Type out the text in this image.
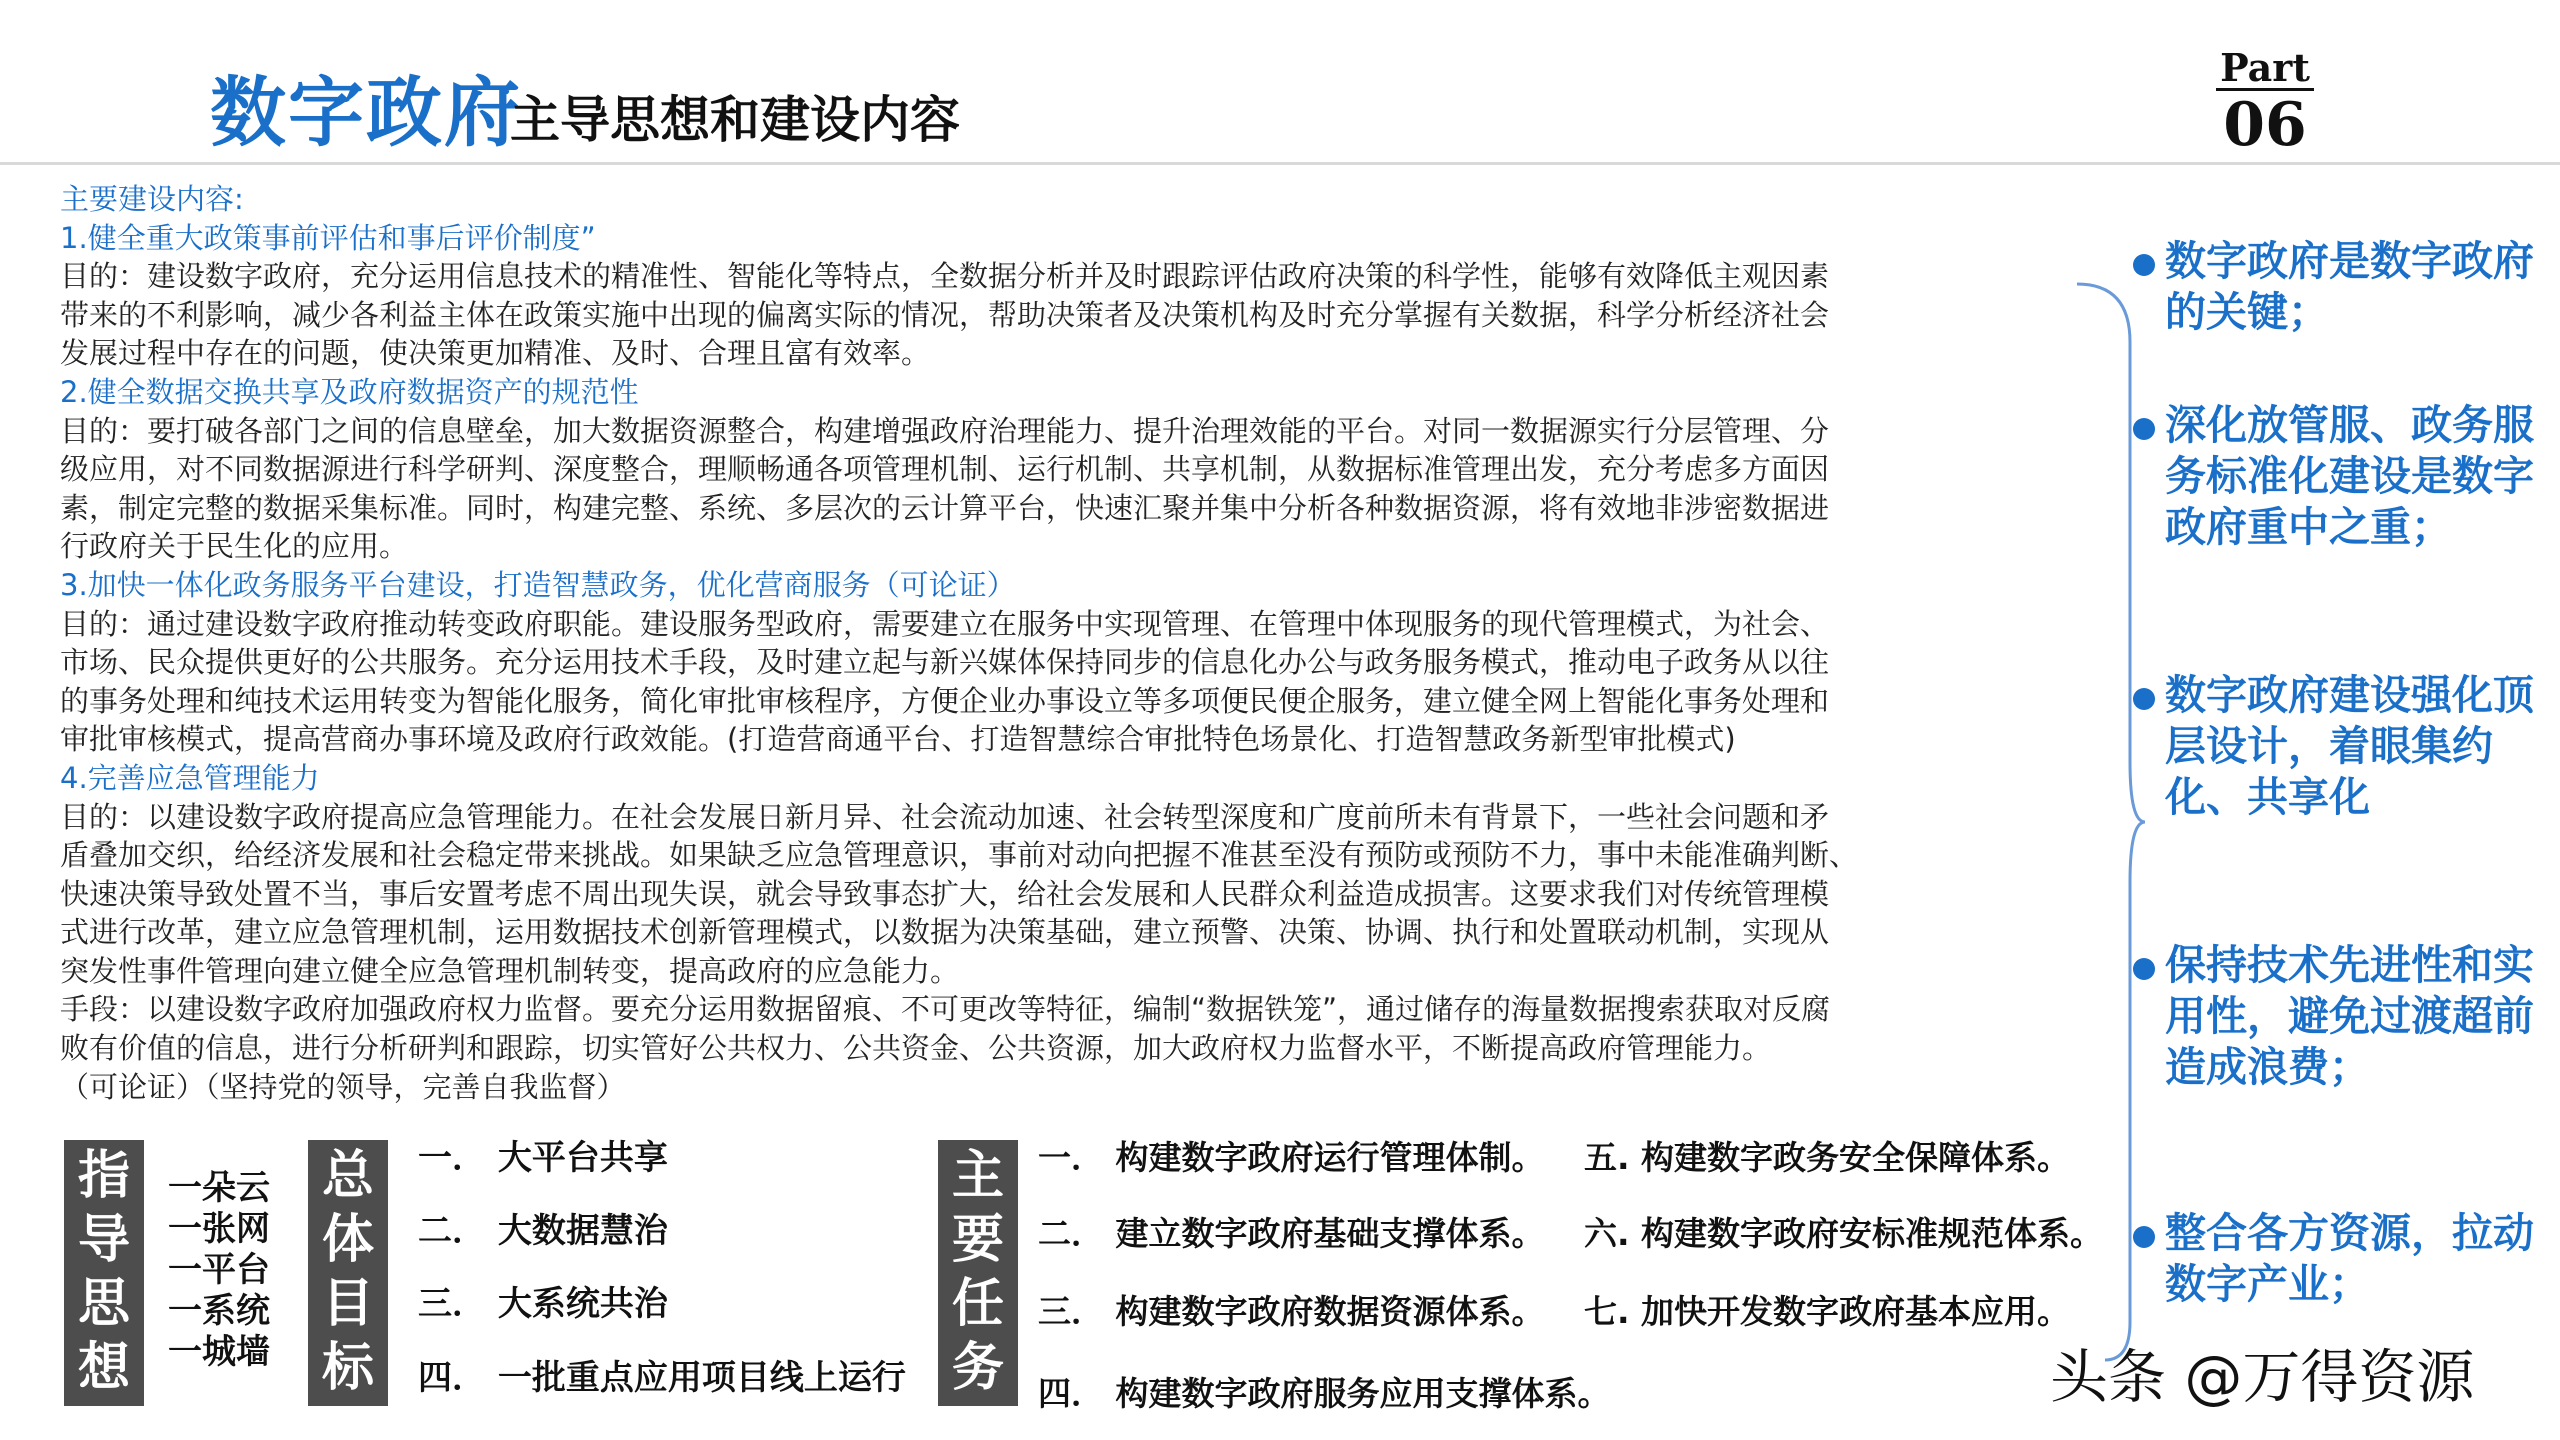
数字政府
主导思想和建设内容
Part
06
主要建设内容:
1.健全重大政策事前评估和事后评价制度”
目的：建设数字政府，充分运用信息技术的精准性、智能化等特点，全数据分析并及时跟踪评估政府决策的科学性，能够有效降低主观因素
带来的不利影响，减少各利益主体在政策实施中出现的偏离实际的情况，帮助决策者及决策机构及时充分掌握有关数据，科学分析经济社会
发展过程中存在的问题，使决策更加精准、及时、合理且富有效率。
2.健全数据交换共享及政府数据资产的规范性
目的：要打破各部门之间的信息壁垒，加大数据资源整合，构建增强政府治理能力、提升治理效能的平台。对同一数据源实行分层管理、分
级应用，对不同数据源进行科学研判、深度整合，理顺畅通各项管理机制、运行机制、共享机制，从数据标准管理出发，充分考虑多方面因
素，制定完整的数据采集标准。同时，构建完整、系统、多层次的云计算平台，快速汇聚并集中分析各种数据资源，将有效地非涉密数据进
行政府关于民生化的应用。
3.加快一体化政务服务平台建设，打造智慧政务，优化营商服务（可论证）
目的：通过建设数字政府推动转变政府职能。建设服务型政府，需要建立在服务中实现管理、在管理中体现服务的现代管理模式，为社会、
市场、民众提供更好的公共服务。充分运用技术手段，及时建立起与新兴媒体保持同步的信息化办公与政务服务模式，推动电子政务从以往
的事务处理和纯技术运用转变为智能化服务，简化审批审核程序，方便企业办事设立等多项便民便企服务，建立健全网上智能化事务处理和
审批审核模式，提高营商办事环境及政府行政效能。(打造营商通平台、打造智慧综合审批特色场景化、打造智慧政务新型审批模式)
4.完善应急管理能力
目的：以建设数字政府提高应急管理能力。在社会发展日新月异、社会流动加速、社会转型深度和广度前所未有背景下，一些社会问题和矛
盾叠加交织，给经济发展和社会稳定带来挑战。如果缺乏应急管理意识，事前对动向把握不准甚至没有预防或预防不力，事中未能准确判断、
快速决策导致处置不当，事后安置考虑不周出现失误，就会导致事态扩大，给社会发展和人民群众利益造成损害。这要求我们对传统管理模
式进行改革，建立应急管理机制，运用数据技术创新管理模式，以数据为决策基础，建立预警、决策、协调、执行和处置联动机制，实现从
突发性事件管理向建立健全应急管理机制转变，提高政府的应急能力。
手段：以建设数字政府加强政府权力监督。要充分运用数据留痕、不可更改等特征，编制“数据铁笼”，通过储存的海量数据搜索获取对反腐
败有价值的信息，进行分析研判和跟踪，切实管好公共权力、公共资金、公共资源，加大政府权力监督水平，不断提高政府管理能力。
（可论证）（坚持党的领导，完善自我监督）
指
导
思
想
一朵云
一张网
一平台
一系统
一城墙
总
体
目
标
一． 大平台共享
二． 大数据慧治
三． 大系统共治
四． 一批重点应用项目线上运行
主
要
任
务
一． 构建数字政府运行管理体制。
二． 建立数字政府基础支撑体系。
三． 构建数字政府数据资源体系。
四． 构建数字政府服务应用支撑体系。
五. 构建数字政务安全保障体系。
六. 构建数字政府安标准规范体系。
七. 加快开发数字政府基本应用。
数字政府是数字政府的关键；
深化放管服、政务服务标准化建设是数字政府重中之重；
数字政府建设强化顶层设计，着眼集约化、共享化
保持技术先进性和实用性，避免过渡超前造成浪费；
整合各方资源，拉动数字产业；
头条 @万得资源
